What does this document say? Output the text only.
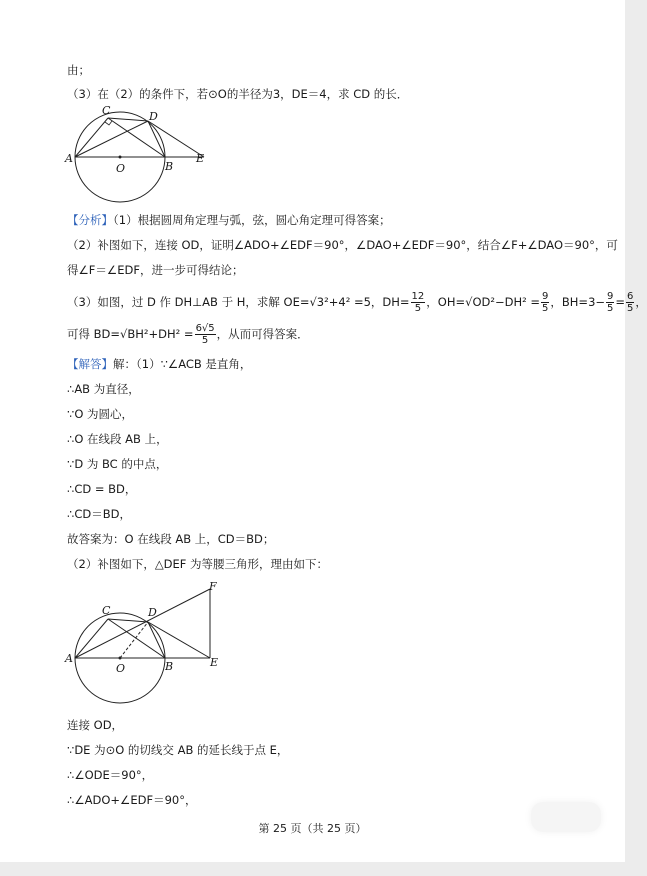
由；
（3）在（2）的条件下，若⊙O的半径为3，DE＝4，求 CD 的长．
A
C	D
O	B
E
【分析】（1）根据圆周角定理与弧，弦，圆心角定理可得答案；
（2）补图如下，连接 OD，证明∠ADO+∠EDF＝90°，∠DAO+∠EDF＝90°，结合∠F+∠DAO＝90°，可
得∠F＝∠EDF，进一步可得结论；
（3）如图，过 D 作 DH⊥AB 于 H，求解 OE=√3²+4² =5，$DH= \frac{12}{5}$ ，$OH=√OD^2-DH^2 = \frac{9}{5}$ ，$BH=3- \frac{9}{5} = \frac{6}{5}$ ，
可得 $BD=√BH^2+DH^2 = \frac{6√5}{5}$ ，从而可得答案．
【解答】解：（1）∵∠ACB 是直角，
∴AB 为直径，
∵O 为圆心，
∴O 在线段 AB 上，
∵D 为 BC 的中点，
∴CD = BD，
∴CD＝BD，
故答案为：O 在线段 AB 上，CD＝BD；
（2）补图如下，△DEF 为等腰三角形，理由如下：
A
C	D
O	B	E
F
连接 OD，
∵DE 为⊙O 的切线交 AB 的延长线于点 E，
∴∠ODE＝90°，
∴∠ADO+∠EDF＝90°，
第 25 页（共 25 页）
